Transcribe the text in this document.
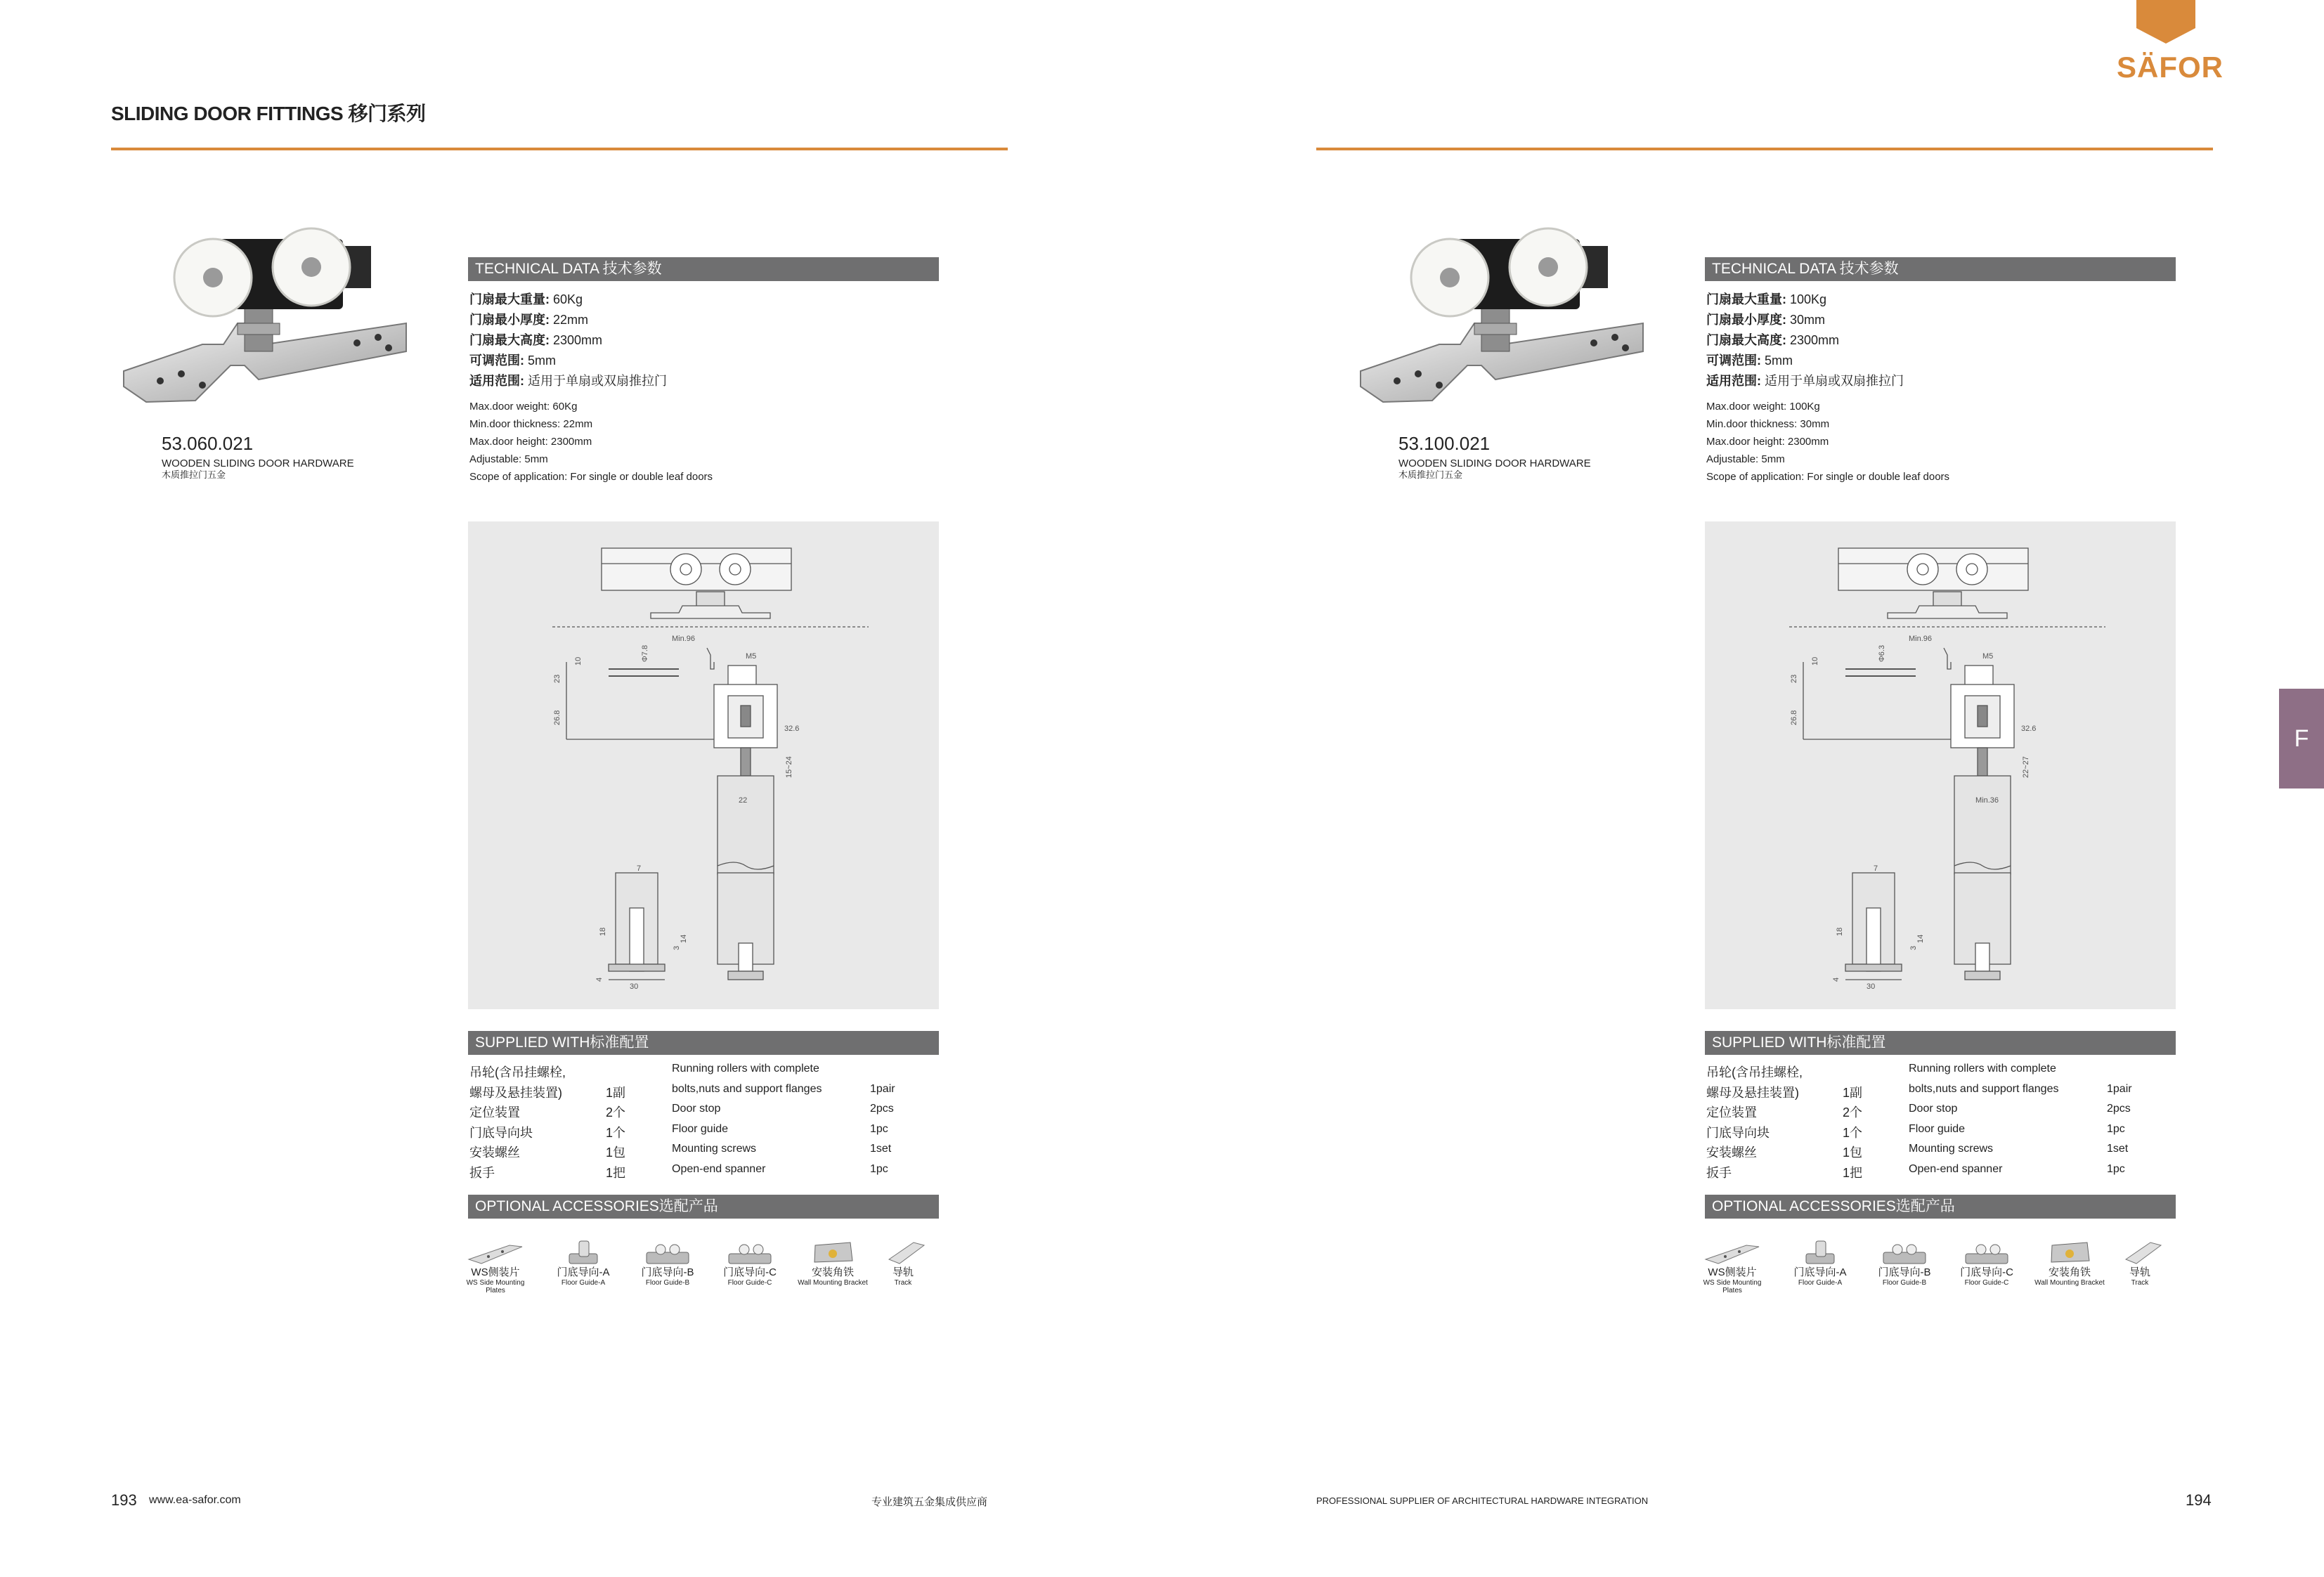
SLIDING DOOR FITTINGS 移门系列
SÄFOR
F
53.060.021
WOODEN SLIDING DOOR HARDWARE
木质推拉门五金
TECHNICAL DATA 技术参数
门扇最大重量: 60Kg
门扇最小厚度: 22mm
门扇最大高度: 2300mm
可调范围: 5mm
适用范围: 适用于单扇或双扇推拉门
Max.door weight: 60Kg
Min.door thickness: 22mm
Max.door height: 2300mm
Adjustable: 5mm
Scope of application: For single or double leaf doors
Min.96
M5
32.6
23
10	Φ7.8
26.8
15~24
22
7
18
3
14
30
4
SUPPLIED WITH标准配置
吊轮(含吊挂螺栓,	Running rollers with complete
螺母及悬挂装置)	1副	bolts,nuts and support flanges	1pair
定位装置	2个	Door stop	2pcs
门底导向块	1个	Floor guide	1pc
安装螺丝	1包	Mounting screws	1set
扳手	1把	Open-end spanner	1pc
OPTIONAL ACCESSORIES选配产品
WS侧装片
WS Side Mounting Plates
门底导向-A
Floor Guide-A
门底导向-B
Floor Guide-B
门底导向-C
Floor Guide-C
安装角铁
Wall Mounting Bracket
导轨
Track
53.100.021
WOODEN SLIDING DOOR HARDWARE
木质推拉门五金
TECHNICAL DATA 技术参数
门扇最大重量: 100Kg
门扇最小厚度: 30mm
门扇最大高度: 2300mm
可调范围: 5mm
适用范围: 适用于单扇或双扇推拉门
Max.door weight: 100Kg
Min.door thickness: 30mm
Max.door height: 2300mm
Adjustable: 5mm
Scope of application: For single or double leaf doors
Min.96
M5
32.6
23
10	Φ6.3
26.8
22~27
Min.36
7
18
3
14
30
4
SUPPLIED WITH标准配置
吊轮(含吊挂螺栓,	Running rollers with complete
螺母及悬挂装置)	1副	bolts,nuts and support flanges	1pair
定位装置	2个	Door stop	2pcs
门底导向块	1个	Floor guide	1pc
安装螺丝	1包	Mounting screws	1set
扳手	1把	Open-end spanner	1pc
OPTIONAL ACCESSORIES选配产品
WS侧装片
WS Side Mounting Plates
门底导向-A
Floor Guide-A
门底导向-B
Floor Guide-B
门底导向-C
Floor Guide-C
安装角铁
Wall Mounting Bracket
导轨
Track
193 www.ea-safor.com	专业建筑五金集成供应商	PROFESSIONAL SUPPLIER OF ARCHITECTURAL HARDWARE INTEGRATION	194
